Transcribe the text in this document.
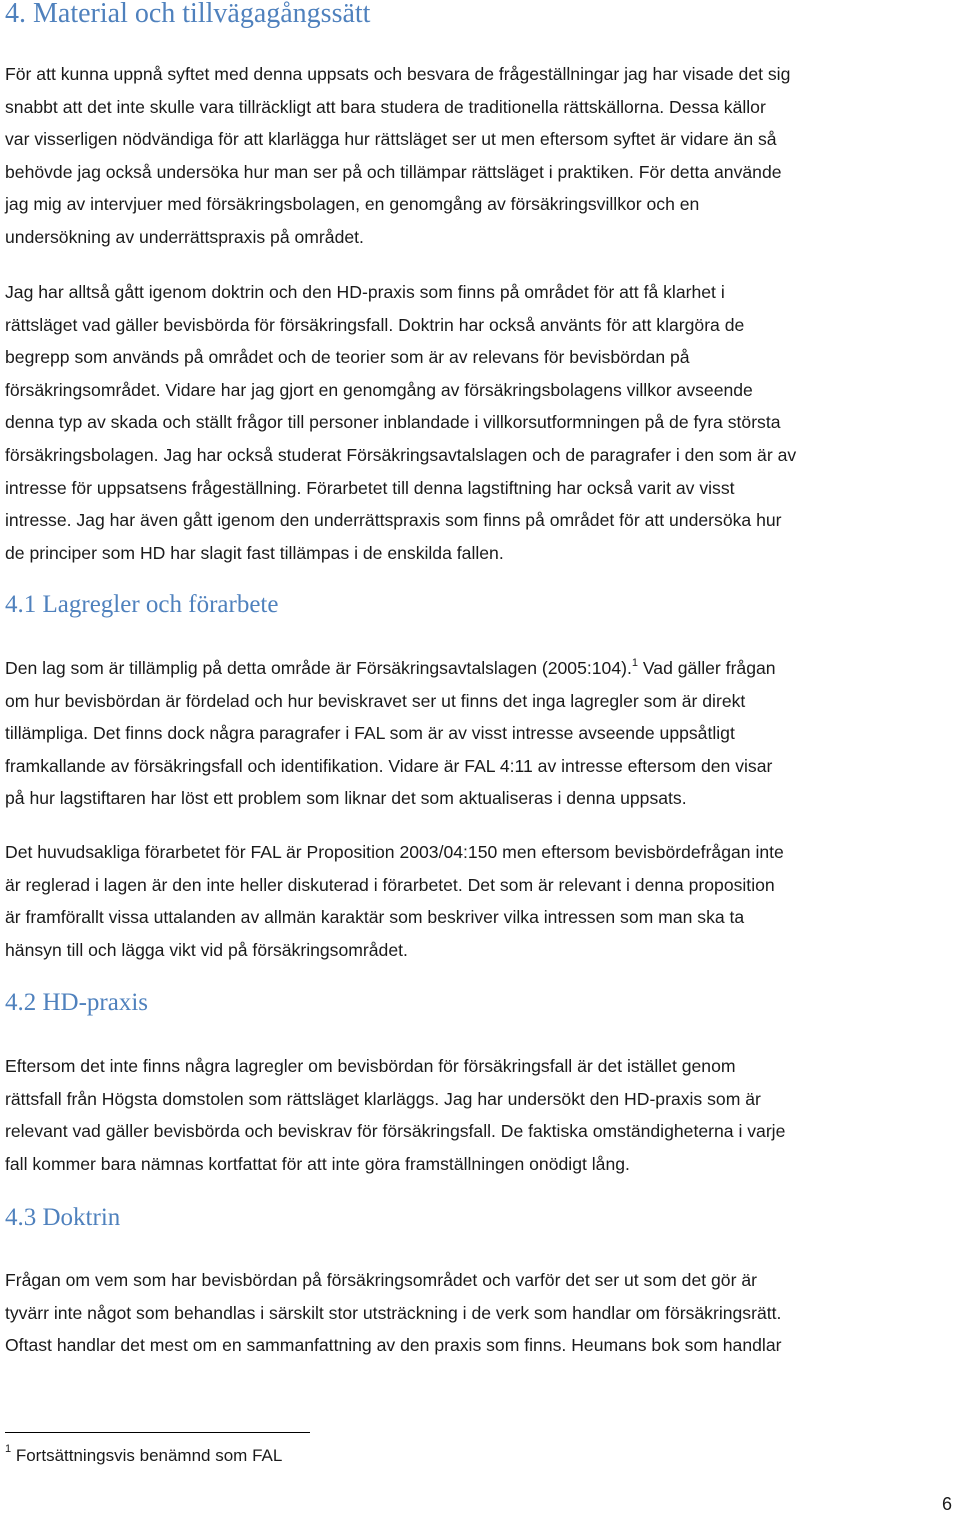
4. Material och tillvägagångssätt

För att kunna uppnå syftet med denna uppsats och besvara de frågeställningar jag har visade det sig
snabbt att det inte skulle vara tillräckligt att bara studera de traditionella rättskällorna. Dessa källor
var visserligen nödvändiga för att klarlägga hur rättsläget ser ut men eftersom syftet är vidare än så
behövde jag också undersöka hur man ser på och tillämpar rättsläget i praktiken. För detta använde
jag mig av intervjuer med försäkringsbolagen, en genomgång av försäkringsvillkor och en
undersökning av underrättspraxis på området.

Jag har alltså gått igenom doktrin och den HD-praxis som finns på området för att få klarhet i
rättsläget vad gäller bevisbörda för försäkringsfall. Doktrin har också använts för att klargöra de
begrepp som används på området och de teorier som är av relevans för bevisbördan på
försäkringsområdet. Vidare har jag gjort en genomgång av försäkringsbolagens villkor avseende
denna typ av skada och ställt frågor till personer inblandade i villkorsutformningen på de fyra största
försäkringsbolagen. Jag har också studerat Försäkringsavtalslagen och de paragrafer i den som är av
intresse för uppsatsens frågeställning. Förarbetet till denna lagstiftning har också varit av visst
intresse. Jag har även gått igenom den underrättspraxis som finns på området för att undersöka hur
de principer som HD har slagit fast tillämpas i de enskilda fallen.

4.1 Lagregler och förarbete

Den lag som är tillämplig på detta område är Försäkringsavtalslagen (2005:104).$^1$ Vad gäller frågan
om hur bevisbördan är fördelad och hur beviskravet ser ut finns det inga lagregler som är direkt
tillämpliga. Det finns dock några paragrafer i FAL som är av visst intresse avseende uppsåtligt
framkallande av försäkringsfall och identifikation. Vidare är FAL 4:11 av intresse eftersom den visar
på hur lagstiftaren har löst ett problem som liknar det som aktualiseras i denna uppsats.

Det huvudsakliga förarbetet för FAL är Proposition 2003/04:150 men eftersom bevisbördefrågan inte
är reglerad i lagen är den inte heller diskuterad i förarbetet. Det som är relevant i denna proposition
är framförallt vissa uttalanden av allmän karaktär som beskriver vilka intressen som man ska ta
hänsyn till och lägga vikt vid på försäkringsområdet.

4.2 HD-praxis

Eftersom det inte finns några lagregler om bevisbördan för försäkringsfall är det istället genom
rättsfall från Högsta domstolen som rättsläget klarläggs. Jag har undersökt den HD-praxis som är
relevant vad gäller bevisbörda och beviskrav för försäkringsfall. De faktiska omständigheterna i varje
fall kommer bara nämnas kortfattat för att inte göra framställningen onödigt lång.

4.3 Doktrin

Frågan om vem som har bevisbördan på försäkringsområdet och varför det ser ut som det gör är
tyvärr inte något som behandlas i särskilt stor utsträckning i de verk som handlar om försäkringsrätt.
Oftast handlar det mest om en sammanfattning av den praxis som finns. Heumans bok som handlar

$^1$ Fortsättningsvis benämnd som FAL
6
